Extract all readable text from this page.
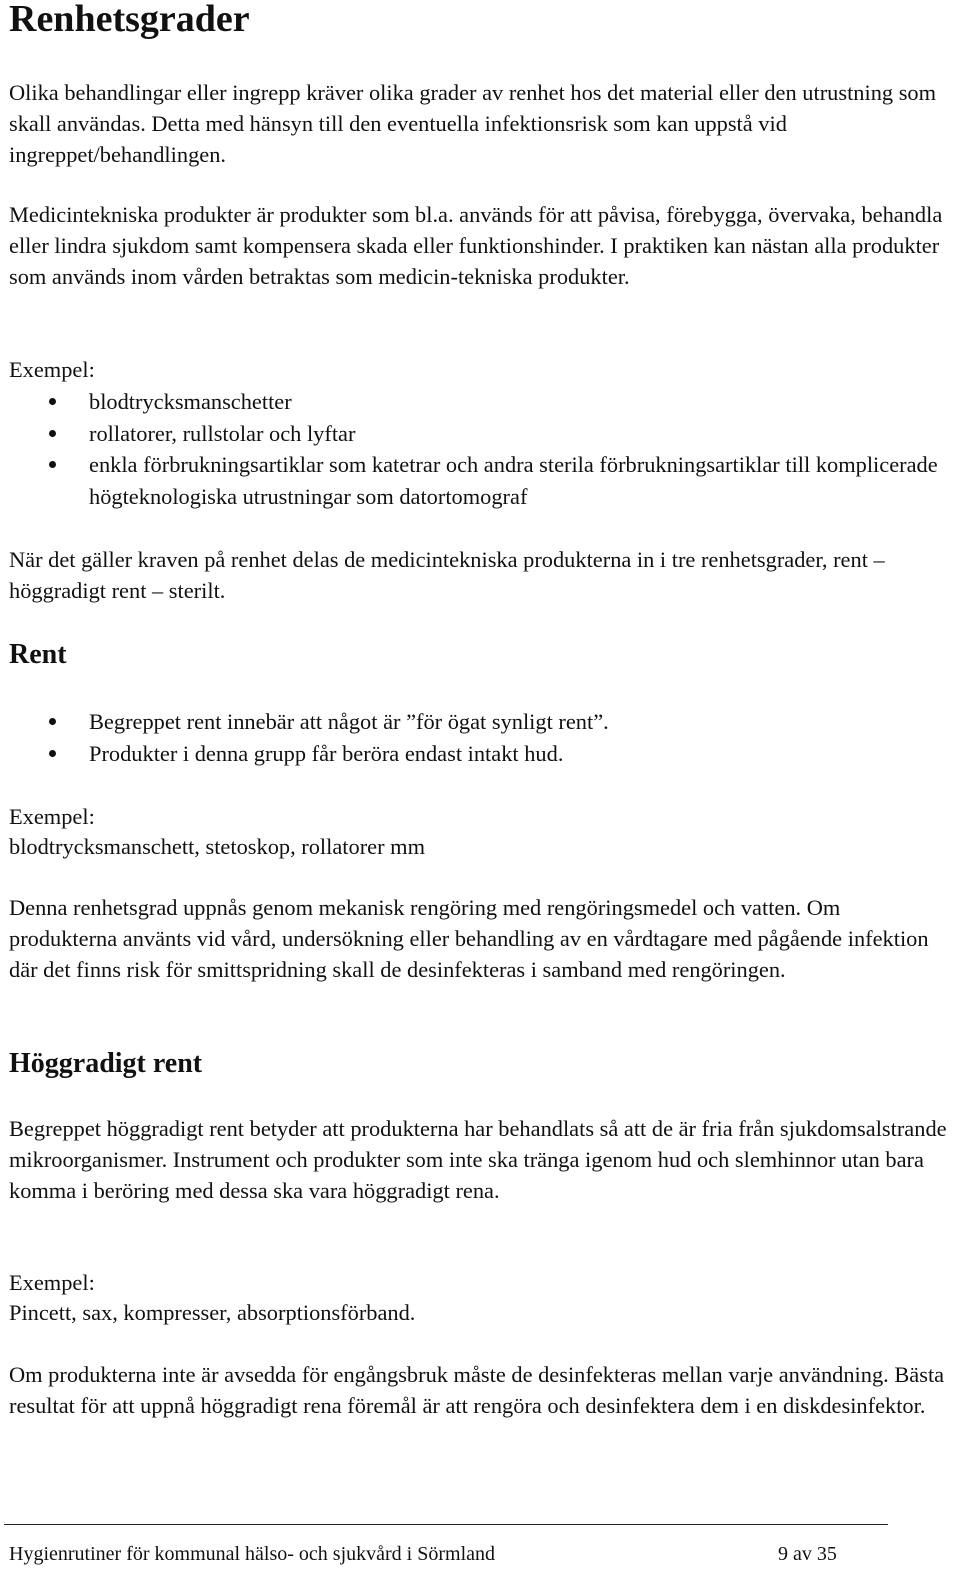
Renhetsgrader

Olika behandlingar eller ingrepp kräver olika grader av renhet hos det material eller den utrustning som skall användas. Detta med hänsyn till den eventuella infektionsrisk som kan uppstå vid ingreppet/behandlingen.

Medicintekniska produkter är produkter som bl.a. används för att påvisa, förebygga, övervaka, behandla eller lindra sjukdom samt kompensera skada eller funktionshinder. I praktiken kan nästan alla produkter som används inom vården betraktas som medicin-tekniska produkter.

Exempel:

blodtrycksmanschetter
rollatorer, rullstolar och lyftar
enkla förbrukningsartiklar som katetrar och andra sterila förbrukningsartiklar till komplicerade högteknologiska utrustningar som datortomograf

När det gäller kraven på renhet delas de medicintekniska produkterna in i tre renhetsgrader, rent – höggradigt rent – sterilt.

Rent
Begreppet rent innebär att något är ”för ögat synligt rent”.
Produkter i denna grupp får beröra endast intakt hud.

Exempel:

blodtrycksmanschett, stetoskop, rollatorer mm

Denna renhetsgrad uppnås genom mekanisk rengöring med rengöringsmedel och vatten. Om produkterna använts vid vård, undersökning eller behandling av en vårdtagare med pågående infektion där det finns risk för smittspridning skall de desinfekteras i samband med rengöringen.

Höggradigt rent

Begreppet höggradigt rent betyder att produkterna har behandlats så att de är fria från sjukdomsalstrande mikroorganismer. Instrument och produkter som inte ska tränga igenom hud och slemhinnor utan bara komma i beröring med dessa ska vara höggradigt rena.

Exempel:

Pincett, sax, kompresser, absorptionsförband.

Om produkterna inte är avsedda för engångsbruk måste de desinfekteras mellan varje användning. Bästa resultat för att uppnå höggradigt rena föremål är att rengöra och desinfektera dem i en diskdesinfektor.

Hygienrutiner för kommunal hälso- och sjukvård i Sörmland	9 av 35
